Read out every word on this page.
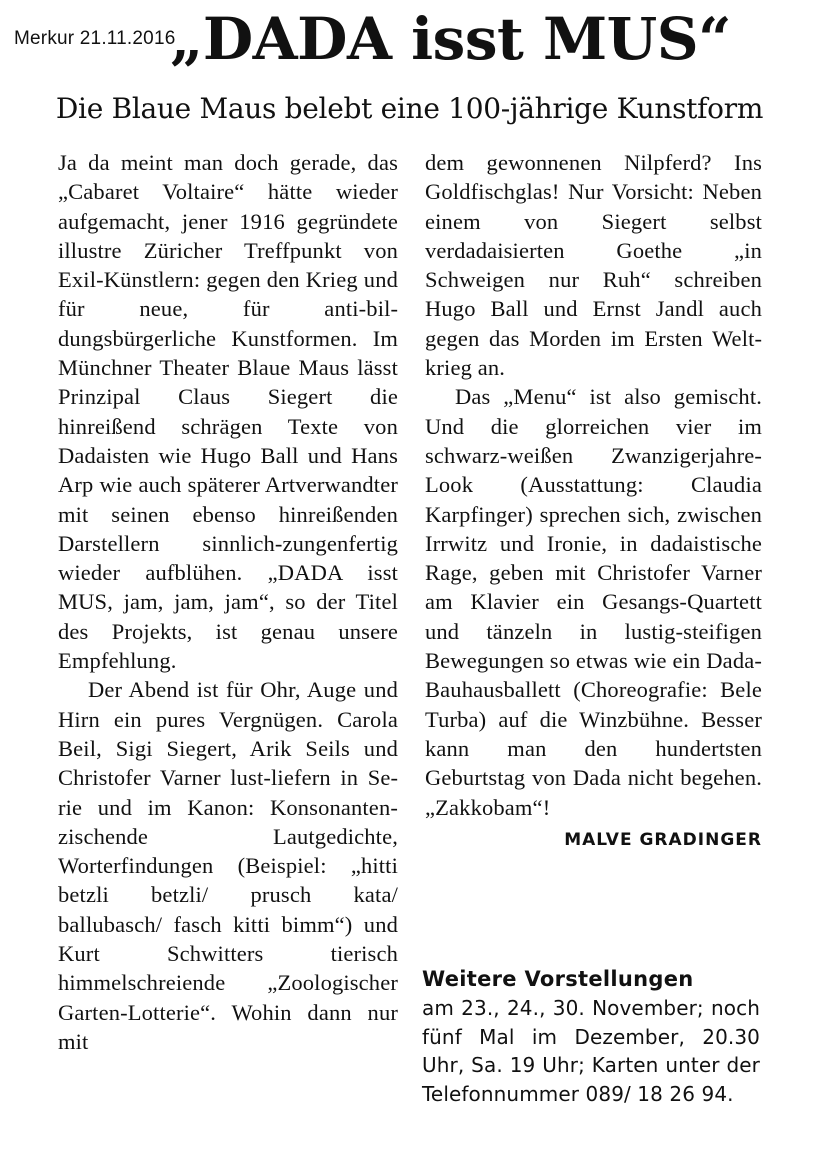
Merkur 21.11.2016
„DADA isst MUS“
Die Blaue Maus belebt eine 100-jährige Kunstform

Ja da meint man doch gerade, das „Cabaret Voltaire“ hätte wieder aufgemacht, jener 1916 gegründete illustre Züricher Treffpunkt von Exil-Künstlern: gegen den Krieg und für neue, für anti-bildungsbürgerliche Kunstformen. Im Münchner Theater Blaue Maus lässt Prinzipal Claus Siegert die hinreißend schrägen Texte von Dadaisten wie Hugo Ball und Hans Arp wie auch späterer Artverwandter mit seinen ebenso hinreißenden Darstellern sinnlich-zungenfertig wieder aufblühen. „DADA isst MUS, jam, jam, jam“, so der Titel des Projekts, ist genau unsere Empfehlung.

Der Abend ist für Ohr, Auge und Hirn ein pures Vergnügen. Carola Beil, Sigi Siegert, Arik Seils und Christofer Varner lust-liefern in Serie und im Kanon: Konsonanten-zischende Lautgedichte, Worterfindungen (Beispiel: „hitti betzli betzli/ prusch kata/ ballubasch/ fasch kitti bimm“) und Kurt Schwitters tierisch himmelschreiende „Zoologischer Garten-Lotterie“. Wohin dann nur mit

dem gewonnenen Nilpferd? Ins Goldfischglas! Nur Vorsicht: Neben einem von Siegert selbst verdadaisierten Goethe „in Schweigen nur Ruh“ schreiben Hugo Ball und Ernst Jandl auch gegen das Morden im Ersten Weltkrieg an.

Das „Menu“ ist also gemischt. Und die glorreichen vier im schwarz-weißen Zwanzigerjahre-Look (Ausstattung: Claudia Karpfinger) sprechen sich, zwischen Irrwitz und Ironie, in dadaistische Rage, geben mit Christofer Varner am Klavier ein Gesangs-Quartett und tänzeln in lustig-steifigen Bewegungen so etwas wie ein Dada-Bauhausballett (Choreografie: Bele Turba) auf die Winzbühne. Besser kann man den hundertsten Geburtstag von Dada nicht begehen. „Zakkobam“!
MALVE GRADINGER

Weitere Vorstellungen

am 23., 24., 30. November; noch fünf Mal im Dezember, 20.30 Uhr, Sa. 19 Uhr; Karten unter der Telefonnummer 089/ 18 26 94.
